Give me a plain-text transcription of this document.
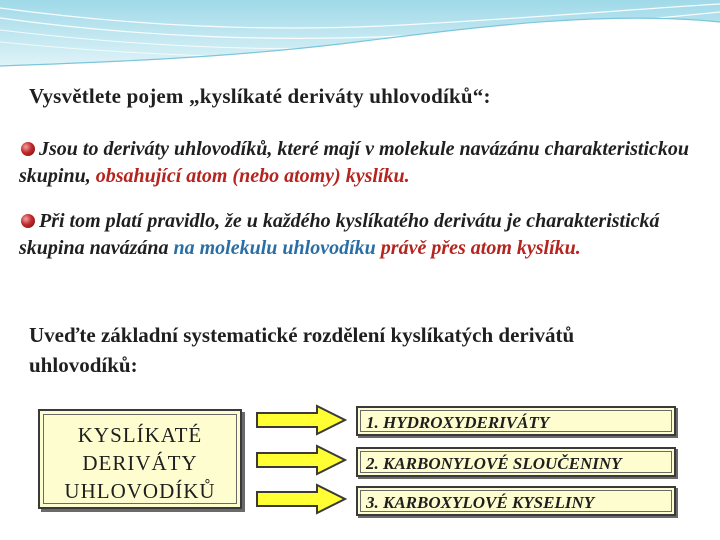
Vysvětlete pojem „kyslíkaté deriváty uhlovodíků“:
Jsou to deriváty uhlovodíků, které mají v molekule navázánu charakteristickou skupinu, obsahující atom (nebo atomy) kyslíku.
Při tom platí pravidlo, že u každého kyslíkatého derivátu je charakteristická skupina navázána na molekulu uhlovodíku právě přes atom kyslíku.
Uveďte základní systematické rozdělení kyslíkatých derivátů uhlovodíků:
KYSLÍKATÉ
DERIVÁTY
UHLOVODÍKŮ
1. HYDROXYDERIVÁTY
2. KARBONYLOVÉ SLOUČENINY
3. KARBOXYLOVÉ KYSELINY
